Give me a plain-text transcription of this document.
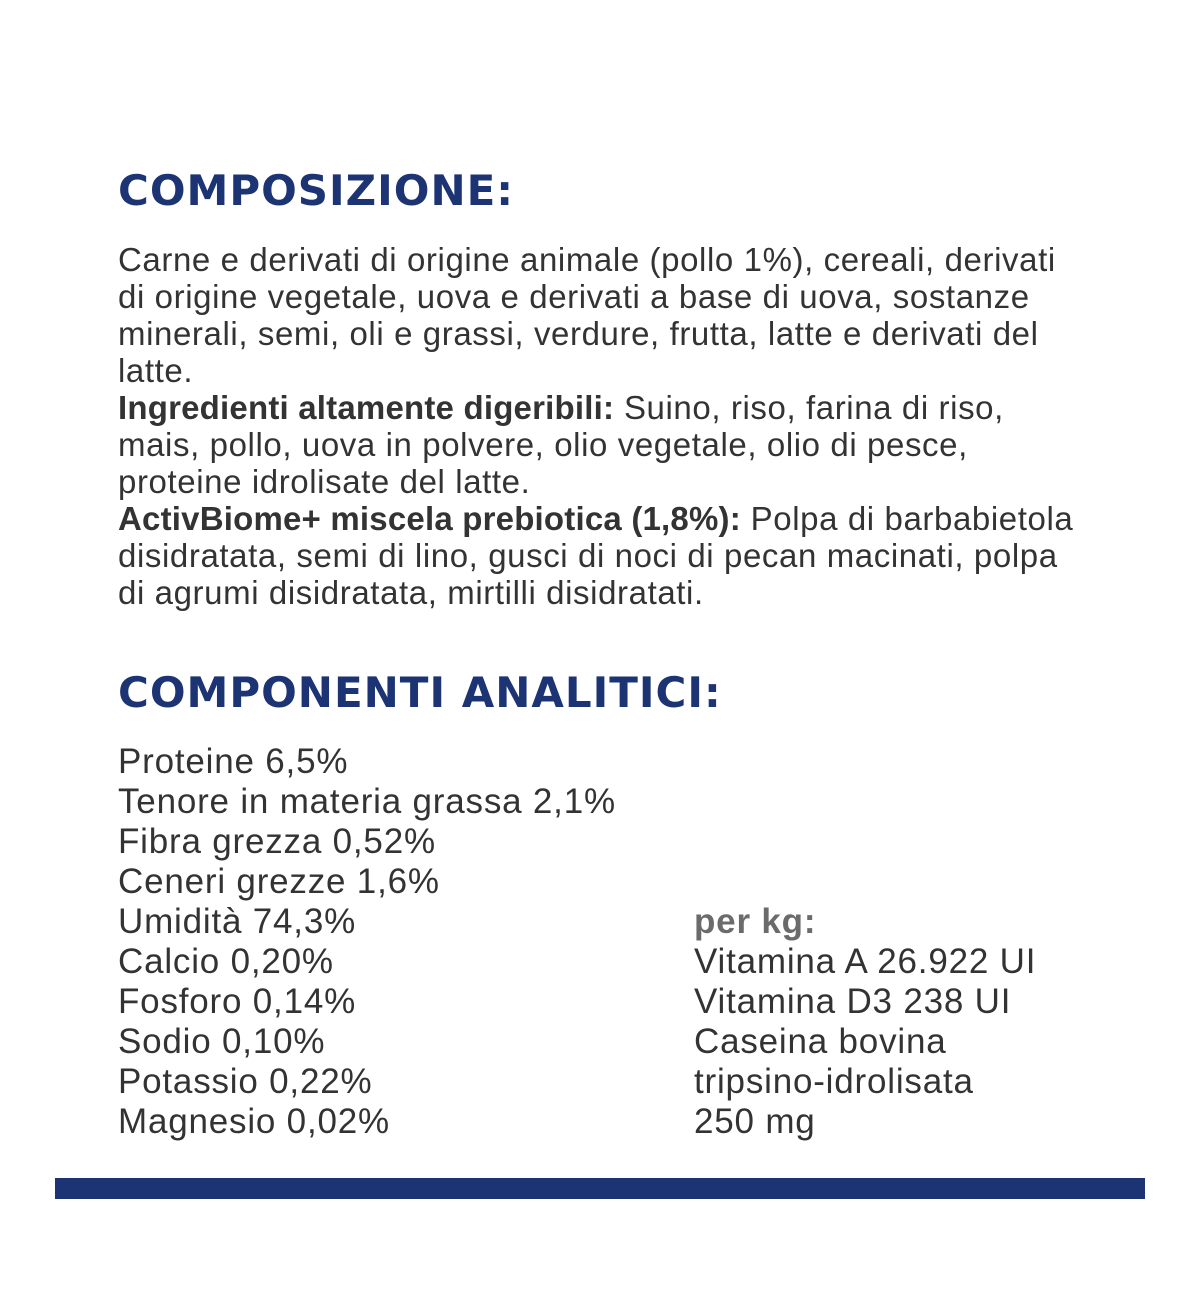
COMPOSIZIONE:

Carne e derivati di origine animale (pollo 1%), cereali, derivati di origine vegetale, uova e derivati a base di uova, sostanze minerali, semi, oli e grassi, verdure, frutta, latte e derivati del latte.

Ingredienti altamente digeribili: Suino, riso, farina di riso, mais, pollo, uova in polvere, olio vegetale, olio di pesce, proteine idrolisate del latte.

ActivBiome+ miscela prebiotica (1,8%): Polpa di barbabietola disidratata, semi di lino, gusci di noci di pecan macinati, polpa di agrumi disidratata, mirtilli disidratati.

COMPONENTI ANALITICI:
Proteine 6,5%
Tenore in materia grassa 2,1%
Fibra grezza 0,52%
Ceneri grezze 1,6%
Umidità 74,3%
Calcio 0,20%
Fosforo 0,14%
Sodio 0,10%
Potassio 0,22%
Magnesio 0,02%
per kg:
Vitamina A 26.922 UI
Vitamina D3 238 UI
Caseina bovina
tripsino-idrolisata
250 mg
